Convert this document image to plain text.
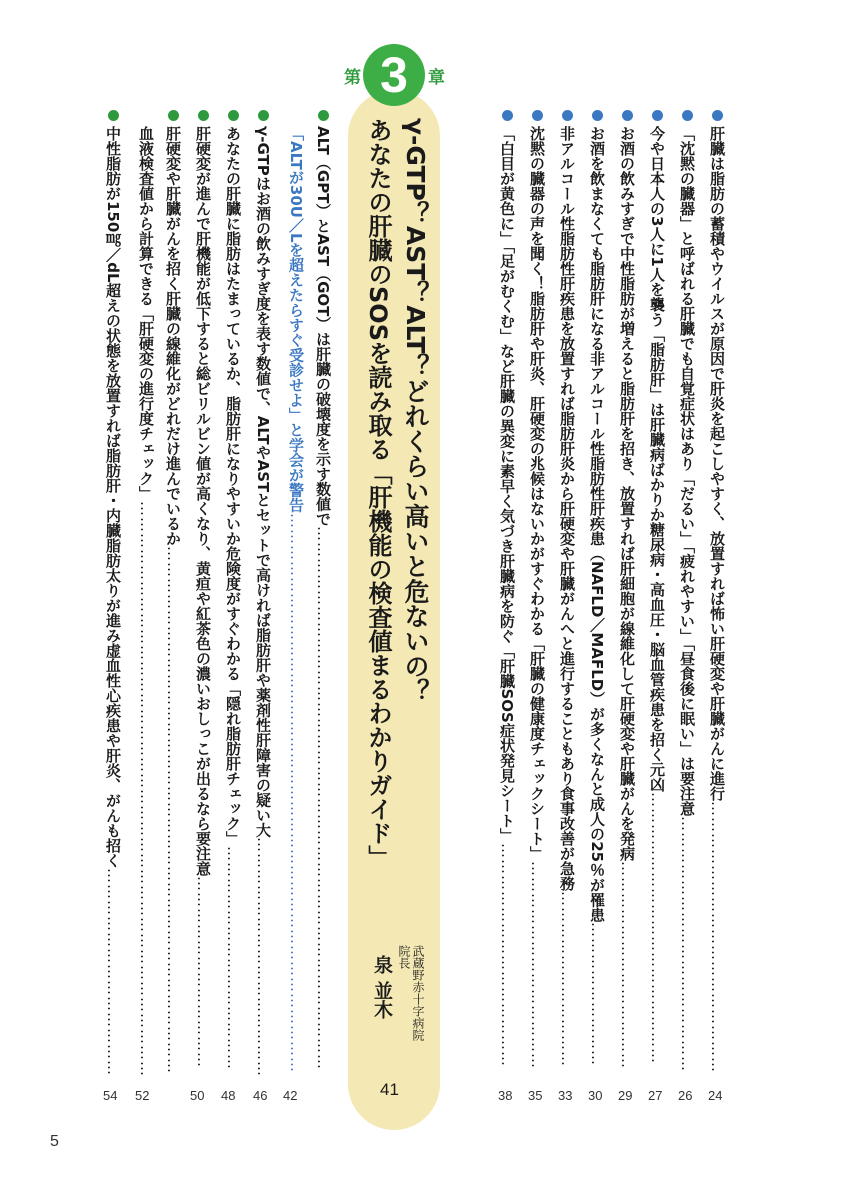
5
肝臓は脂肪の蓄積やウイルスが原因で肝炎を起こしやすく、放置すれば怖い肝硬変や肝臓がんに進行……………………………………………
24
「沈黙の臓器」と呼ばれる肝臓でも自覚症状はあり「だるい」「疲れやすい」「昼食後に眠い」は要注意…………………………………………
26
今や日本人の3人に1人を襲う「脂肪肝」は肝臓病ばかりか糖尿病・高血圧・脳血管疾患を招く元凶……………………………………………
27
お酒の飲みすぎで中性脂肪が増えると脂肪肝を招き、放置すれば肝細胞が線維化して肝硬変や肝臓がんを発病…………………………………
29
お酒を飲まなくても脂肪肝になる非アルコール性脂肪性肝疾患（NAFLD／MAFLD）が多くなんと成人の25％が罹患………………………
30
非アルコール性脂肪性肝疾患を放置すれば脂肪肝炎から肝硬変や肝臓がんへと進行することもあり食事改善が急務……………………………
33
沈黙の臓器の声を聞く！脂肪肝や肝炎、肝硬変の兆候はないかがすぐわかる「肝臓の健康度チェックシート」…………………………………
35
「白目が黄色に」「足がむくむ」など肝臓の異変に素早く気づき肝臓病を防ぐ「肝臓SOS症状発見シート」……………………………………
38
第 3	章
γ-GTP？AST？ALT？どれくらい高いと危ないの？
あなたの肝臓のSOSを読み取る「肝機能の検査値まるわかりガイド」
武蔵野赤十字病院
院長
泉 並木
41
ALT（GPT）とAST（GOT）は肝臓の破壊度を示す数値で…………………………………………………………………………………………
「ALTが30U／Lを超えたらすぐ受診せよ」と学会が警告……………………………………………………………………………………………
42
γ-GTPはお酒の飲みすぎ度を表す数値で、ALTやASTとセットで高ければ脂肪肝や薬剤性肝障害の疑い大………………………………………
46
あなたの肝臓に脂肪はたまっているか、脂肪肝になりやすいか危険度がすぐわかる「隠れ脂肪肝チェック」……………………………………
48
肝硬変が進んで肝機能が低下すると総ビリルビン値が高くなり、黄疸や紅茶色の濃いおしっこが出るなら要注意………………………………
50
肝硬変や肝臓がんを招く肝臓の線維化がどれだけ進んでいるか………………………………………………………………………………………
血液検査値から計算できる「肝硬変の進行度チェック」………………………………………………………………………………………………
52
中性脂肪が150㎎／dL超えの状態を放置すれば脂肪肝・内臓脂肪太りが進み虚血性心疾患や肝炎、がんも招く…………………………………
54
